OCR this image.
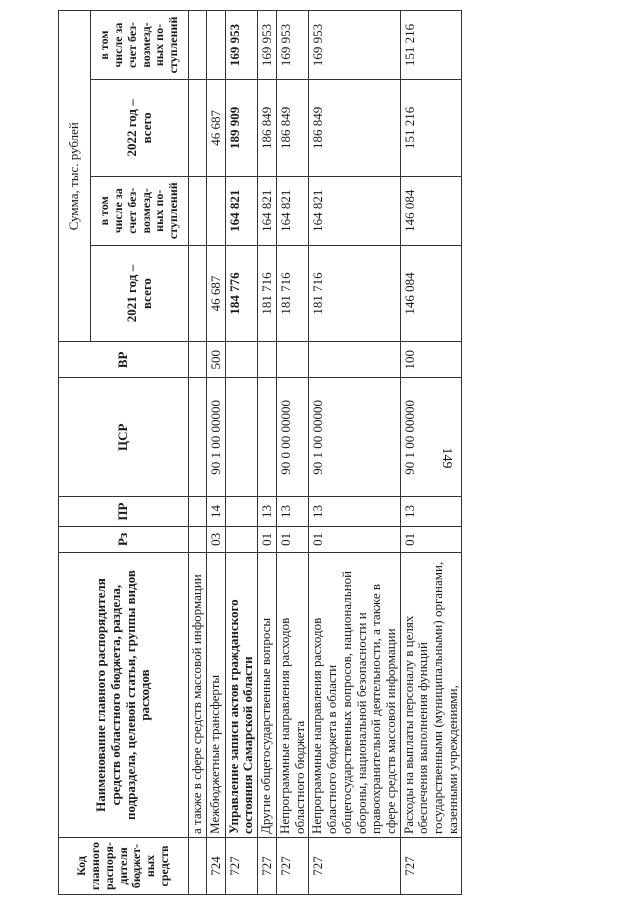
149
Код главного распоря-дителя бюджет-ных средств	Наименование главного распорядителя средств областного бюджета, раздела, подраздела, целевой статьи, группы видов расходов	Рз	ПР	ЦСР	ВР	Сумма, тыс. рублей			
						2021 год – всего	в том числе за счет без-возмезд-ных по-ступлений	2022 год – всего	в том числе за счет без-возмезд-ных по-ступлений
	а также в сфере средств массовой информации								
724	Межбюджетные трансферты	03	14	90 1 00 00000	500	46 687		46 687	
727	Управление записи актов гражданского состояния Самарской области					184 776	164 821	189 909	169 953
727	Другие общегосударственные вопросы	01	13			181 716	164 821	186 849	169 953
727	Непрограммные направления расходов областного бюджета	01	13	90 0 00 00000		181 716	164 821	186 849	169 953
727	Непрограммные направления расходов областного бюджета в области общегосударственных вопросов, национальной обороны, национальной безопасности и правоохранительной деятельности, а также в сфере средств массовой информации	01	13	90 1 00 00000		181 716	164 821	186 849	169 953
727	Расходы на выплаты персоналу в целях обеспечения выполнения функций государственными (муниципальными) органами, казенными учреждениями,	01	13	90 1 00 00000	100	146 084	146 084	151 216	151 216
